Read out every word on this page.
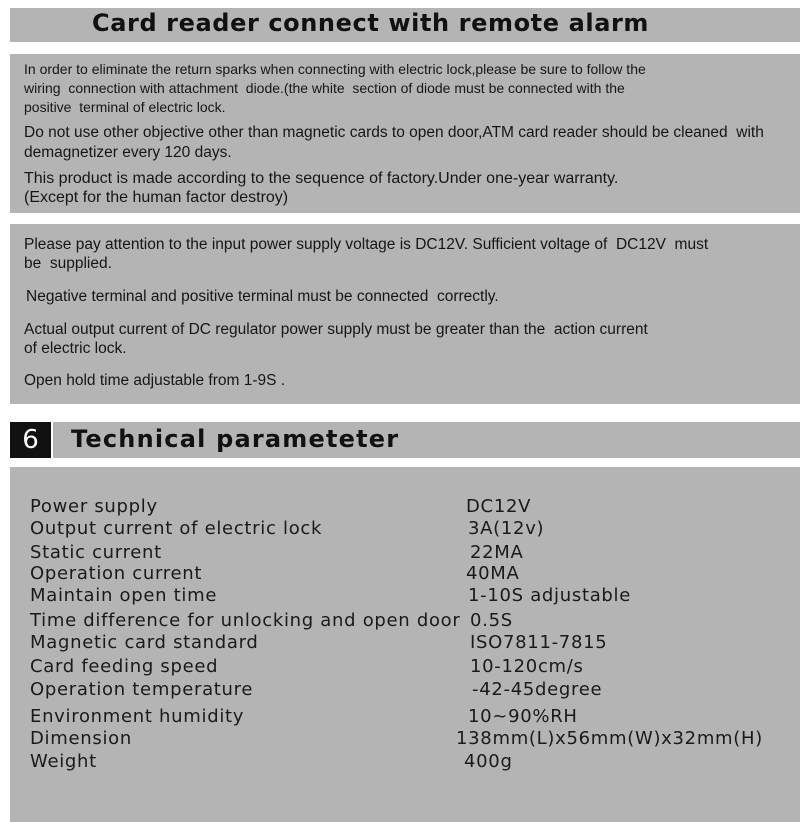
Card reader connect with remote alarm

In order to eliminate the return sparks when connecting with electric lock,please be sure to follow the
wiring  connection with attachment  diode.(the white  section of diode must be connected with the
positive  terminal of electric lock.

Do not use other objective other than magnetic cards to open door,ATM card reader should be cleaned  with
demagnetizer every 120 days.

This product is made according to the sequence of factory.Under one-year warranty.
(Except for the human factor destroy)

Please pay attention to the input power supply voltage is DC12V. Sufficient voltage of  DC12V  must
be  supplied.

Negative terminal and positive terminal must be connected  correctly.

Actual output current of DC regulator power supply must be greater than the  action current
of electric lock.

Open hold time adjustable from 1-9S .

6	Technical parameteter
Power supply	DC12V
Output current of electric lock	3A(12v)
Static current	22MA
Operation current	40MA
Maintain open time	1-10S adjustable
Time difference for unlocking and open door 0.5S
Magnetic card standard	ISO7811-7815
Card feeding speed	10-120cm/s
Operation temperature	-42-45degree
Environment humidity	10~90%RH
Dimension	138mm(L)x56mm(W)x32mm(H)
Weight	400g
